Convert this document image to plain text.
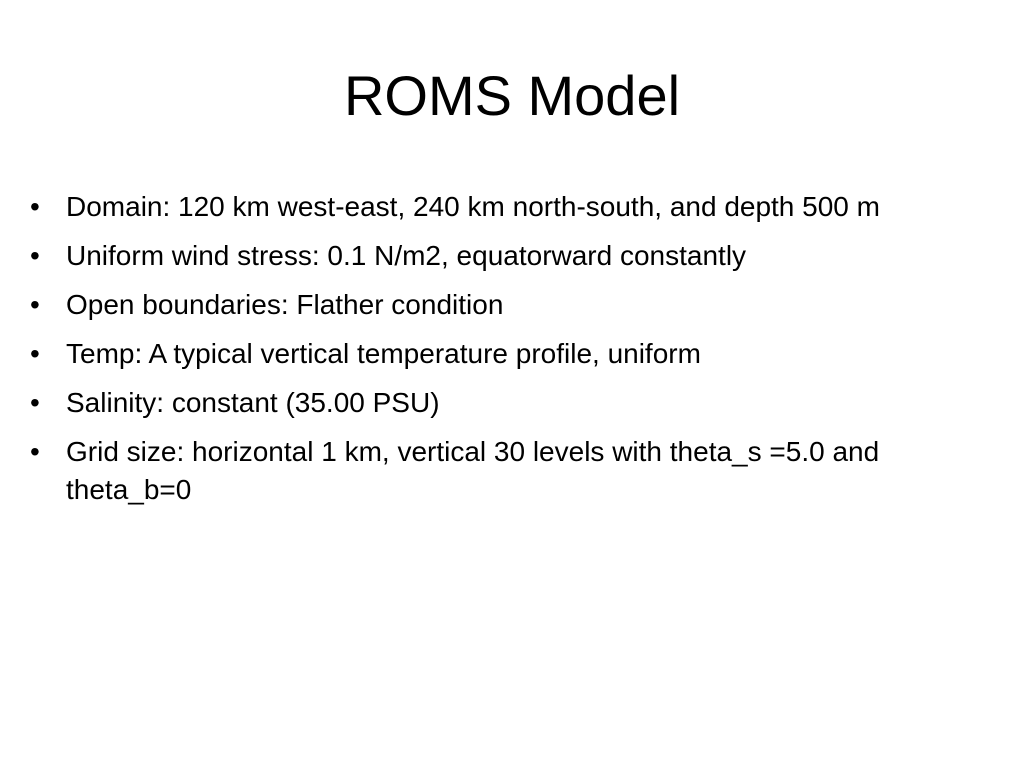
ROMS Model
• Domain: 120 km west-east, 240 km north-south, and depth 500 m
• Uniform wind stress: 0.1 N/m2, equatorward constantly
• Open boundaries: Flather condition
• Temp: A typical vertical temperature profile, uniform
• Salinity: constant (35.00 PSU)
• Grid size: horizontal 1 km, vertical 30 levels with theta_s =5.0 and theta_b=0
